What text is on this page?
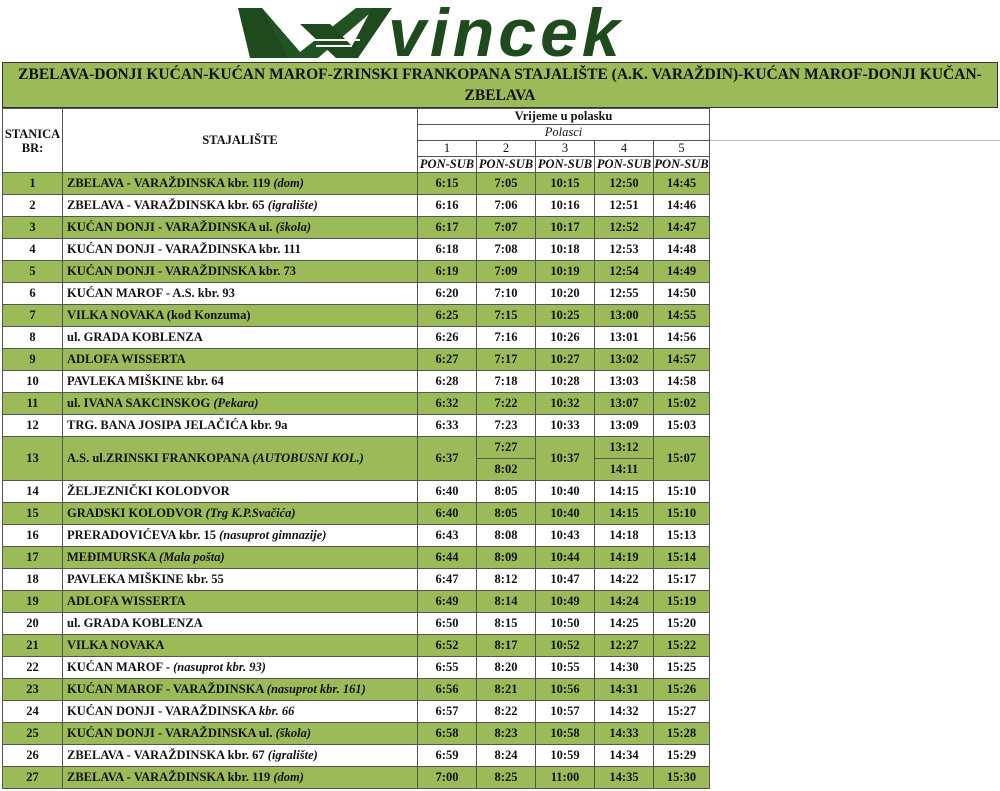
vincek
ZBELAVA-DONJI KUĆAN-KUĆAN MAROF-ZRINSKI FRANKOPANA STAJALIŠTE (A.K. VARAŽDIN)-KUĆAN MAROF-DONJI KUČAN-ZBELAVA
STANICA BR:	STAJALIŠTE	Vrijeme u polasku				
		Polasci				
		1	2	3	4	5
		PON-SUB	PON-SUB	PON-SUB	PON-SUB	PON-SUB
1	ZBELAVA - VARAŽDINSKA kbr. 119 (dom)	6:15	7:05	10:15	12:50	14:45
2	ZBELAVA - VARAŽDINSKA kbr. 65 (igralište)	6:16	7:06	10:16	12:51	14:46
3	KUĆAN DONJI - VARAŽDINSKA ul. (škola)	6:17	7:07	10:17	12:52	14:47
4	KUĆAN DONJI - VARAŽDINSKA kbr. 111	6:18	7:08	10:18	12:53	14:48
5	KUĆAN DONJI - VARAŽDINSKA kbr. 73	6:19	7:09	10:19	12:54	14:49
6	KUĆAN MAROF - A.S. kbr. 93	6:20	7:10	10:20	12:55	14:50
7	VILKA NOVAKA (kod Konzuma)	6:25	7:15	10:25	13:00	14:55
8	ul. GRADA KOBLENZA	6:26	7:16	10:26	13:01	14:56
9	ADLOFA WISSERTA	6:27	7:17	10:27	13:02	14:57
10	PAVLEKA MIŠKINE kbr. 64	6:28	7:18	10:28	13:03	14:58
11	ul. IVANA SAKCINSKOG (Pekara)	6:32	7:22	10:32	13:07	15:02
12	TRG. BANA JOSIPA JELAČIĆA kbr. 9a	6:33	7:23	10:33	13:09	15:03
13	A.S. ul.ZRINSKI FRANKOPANA (AUTOBUSNI KOL.)	6:37	7:27	10:37	13:12	15:07
			8:02		14:11	
14	ŽELJEZNIČKI KOLODVOR	6:40	8:05	10:40	14:15	15:10
15	GRADSKI KOLODVOR (Trg K.P.Svačića)	6:40	8:05	10:40	14:15	15:10
16	PRERADOVIĆEVA kbr. 15 (nasuprot gimnazije)	6:43	8:08	10:43	14:18	15:13
17	MEĐIMURSKA (Mala pošta)	6:44	8:09	10:44	14:19	15:14
18	PAVLEKA MIŠKINE kbr. 55	6:47	8:12	10:47	14:22	15:17
19	ADLOFA WISSERTA	6:49	8:14	10:49	14:24	15:19
20	ul. GRADA KOBLENZA	6:50	8:15	10:50	14:25	15:20
21	VILKA NOVAKA	6:52	8:17	10:52	12:27	15:22
22	KUĆAN MAROF - (nasuprot kbr. 93)	6:55	8:20	10:55	14:30	15:25
23	KUĆAN MAROF - VARAŽDINSKA (nasuprot kbr. 161)	6:56	8:21	10:56	14:31	15:26
24	KUĆAN DONJI - VARAŽDINSKA kbr. 66	6:57	8:22	10:57	14:32	15:27
25	KUĆAN DONJI - VARAŽDINSKA ul. (škola)	6:58	8:23	10:58	14:33	15:28
26	ZBELAVA - VARAŽDINSKA kbr. 67 (igralište)	6:59	8:24	10:59	14:34	15:29
27	ZBELAVA - VARAŽDINSKA kbr. 119 (dom)	7:00	8:25	11:00	14:35	15:30
